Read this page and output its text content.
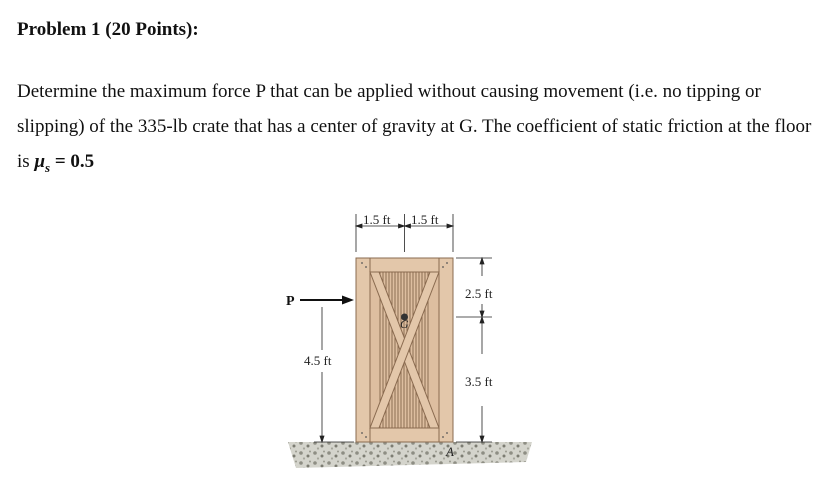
Problem 1 (20 Points):
Determine the maximum force P that can be applied without causing movement (i.e. no tipping or slipping) of the 335-lb crate that has a center of gravity at G. The coefficient of static friction at the floor is $\mu_s = 0.5$
G
1.5 ft 1.5 ft
2.5 ft
3.5 ft
4.5 ft
P
A
